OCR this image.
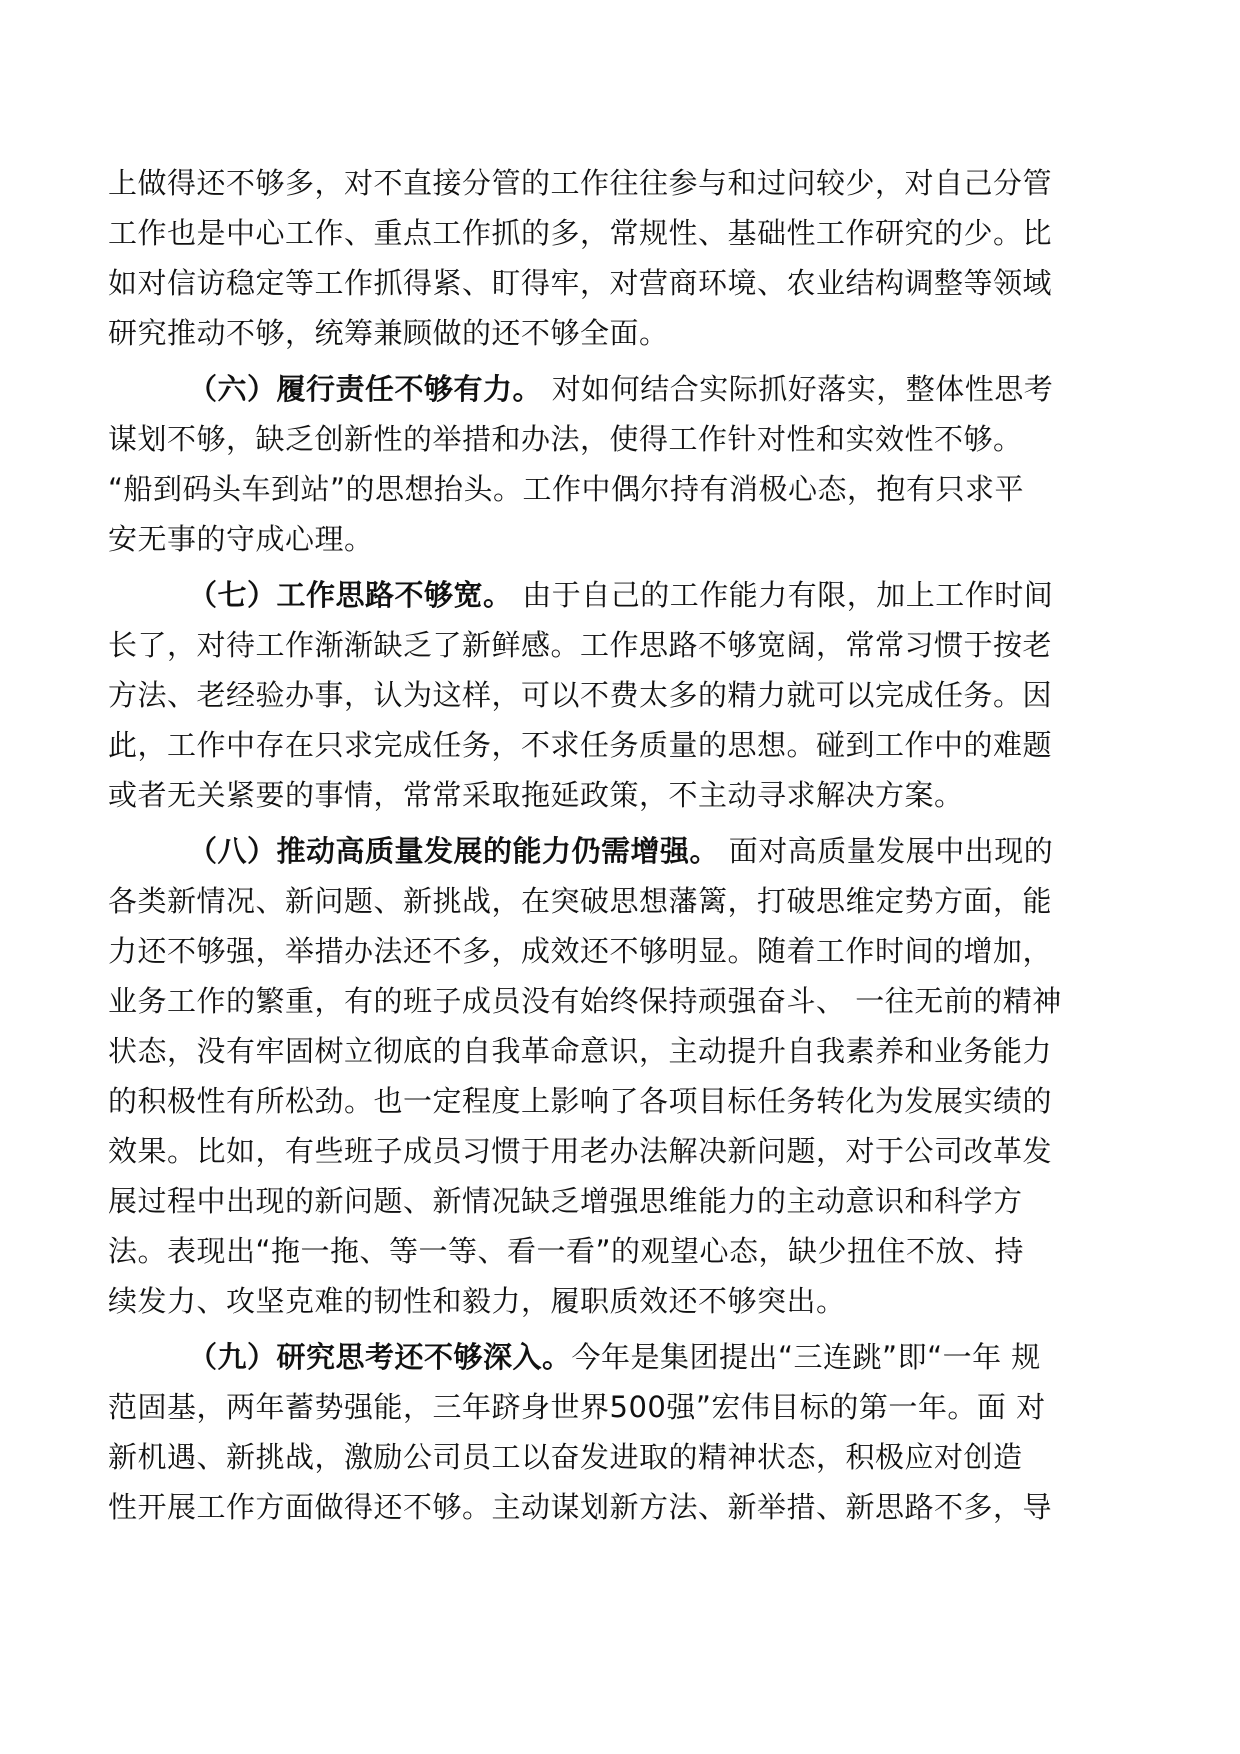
上做得还不够多，对不直接分管的工作往往参与和过问较少，对自己分管
工作也是中心工作、重点工作抓的多，常规性、基础性工作研究的少。比
如对信访稳定等工作抓得紧、盯得牢，对营商环境、农业结构调整等领域
研究推动不够，统筹兼顾做的还不够全面。

（六）履行责任不够有力。 对如何结合实际抓好落实，整体性思考
谋划不够，缺乏创新性的举措和办法，使得工作针对性和实效性不够。
“船到码头车到站”的思想抬头。工作中偶尔持有消极心态，抱有只求平
安无事的守成心理。

（七）工作思路不够宽。 由于自己的工作能力有限，加上工作时间
长了，对待工作渐渐缺乏了新鲜感。工作思路不够宽阔，常常习惯于按老
方法、老经验办事，认为这样，可以不费太多的精力就可以完成任务。因
此，工作中存在只求完成任务，不求任务质量的思想。碰到工作中的难题
或者无关紧要的事情，常常采取拖延政策，不主动寻求解决方案。

（八）推动高质量发展的能力仍需增强。 面对高质量发展中出现的
各类新情况、新问题、新挑战，在突破思想藩篱，打破思维定势方面，能
力还不够强，举措办法还不多，成效还不够明显。随着工作时间的增加，
业务工作的繁重，有的班子成员没有始终保持顽强奋斗、 一往无前的精神
状态，没有牢固树立彻底的自我革命意识，主动提升自我素养和业务能力
的积极性有所松劲。也一定程度上影响了各项目标任务转化为发展实绩的
效果。比如，有些班子成员习惯于用老办法解决新问题，对于公司改革发
展过程中出现的新问题、新情况缺乏增强思维能力的主动意识和科学方
法。表现出“拖一拖、等一等、看一看”的观望心态，缺少扭住不放、持
续发力、攻坚克难的韧性和毅力，履职质效还不够突出。

（九）研究思考还不够深入。今年是集团提出“三连跳”即“一年 规
范固基，两年蓄势强能，三年跻身世界500强”宏伟目标的第一年。面 对
新机遇、新挑战，激励公司员工以奋发进取的精神状态，积极应对创造
性开展工作方面做得还不够。主动谋划新方法、新举措、新思路不多，导
